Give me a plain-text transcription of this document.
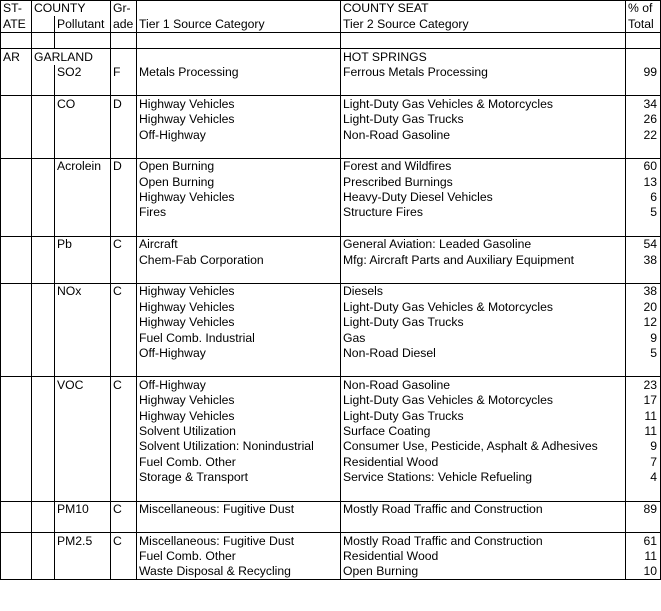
ST-	COUNTY		Gr-		COUNTY SEAT	% of
ATE		Pollutant	ade	Tier 1 Source Category	Tier 2 Source Category	Total

AR	GARLAND				HOT SPRINGS	
		SO2	F	Metals Processing	Ferrous Metals Processing	99

		CO	D	Highway Vehicles	Light-Duty Gas Vehicles & Motorcycles	34
				Highway Vehicles	Light-Duty Gas Trucks	26
				Off-Highway	Non-Road Gasoline	22

		Acrolein	D	Open Burning	Forest and Wildfires	60
				Open Burning	Prescribed Burnings	13
				Highway Vehicles	Heavy-Duty Diesel Vehicles	6
				Fires	Structure Fires	5

		Pb	C	Aircraft	General Aviation: Leaded Gasoline	54
				Chem-Fab Corporation	Mfg: Aircraft Parts and Auxiliary Equipment	38

		NOx	C	Highway Vehicles	Diesels	38
				Highway Vehicles	Light-Duty Gas Vehicles & Motorcycles	20
				Highway Vehicles	Light-Duty Gas Trucks	12
				Fuel Comb. Industrial	Gas	9
				Off-Highway	Non-Road Diesel	5

		VOC	C	Off-Highway	Non-Road Gasoline	23
				Highway Vehicles	Light-Duty Gas Vehicles & Motorcycles	17
				Highway Vehicles	Light-Duty Gas Trucks	11
				Solvent Utilization	Surface Coating	11
				Solvent Utilization: Nonindustrial	Consumer Use, Pesticide, Asphalt & Adhesives	9
				Fuel Comb. Other	Residential Wood	7
				Storage & Transport	Service Stations: Vehicle Refueling	4

		PM10	C	Miscellaneous: Fugitive Dust	Mostly Road Traffic and Construction	89

		PM2.5	C	Miscellaneous: Fugitive Dust	Mostly Road Traffic and Construction	61
				Fuel Comb. Other	Residential Wood	11
				Waste Disposal & Recycling	Open Burning	10
